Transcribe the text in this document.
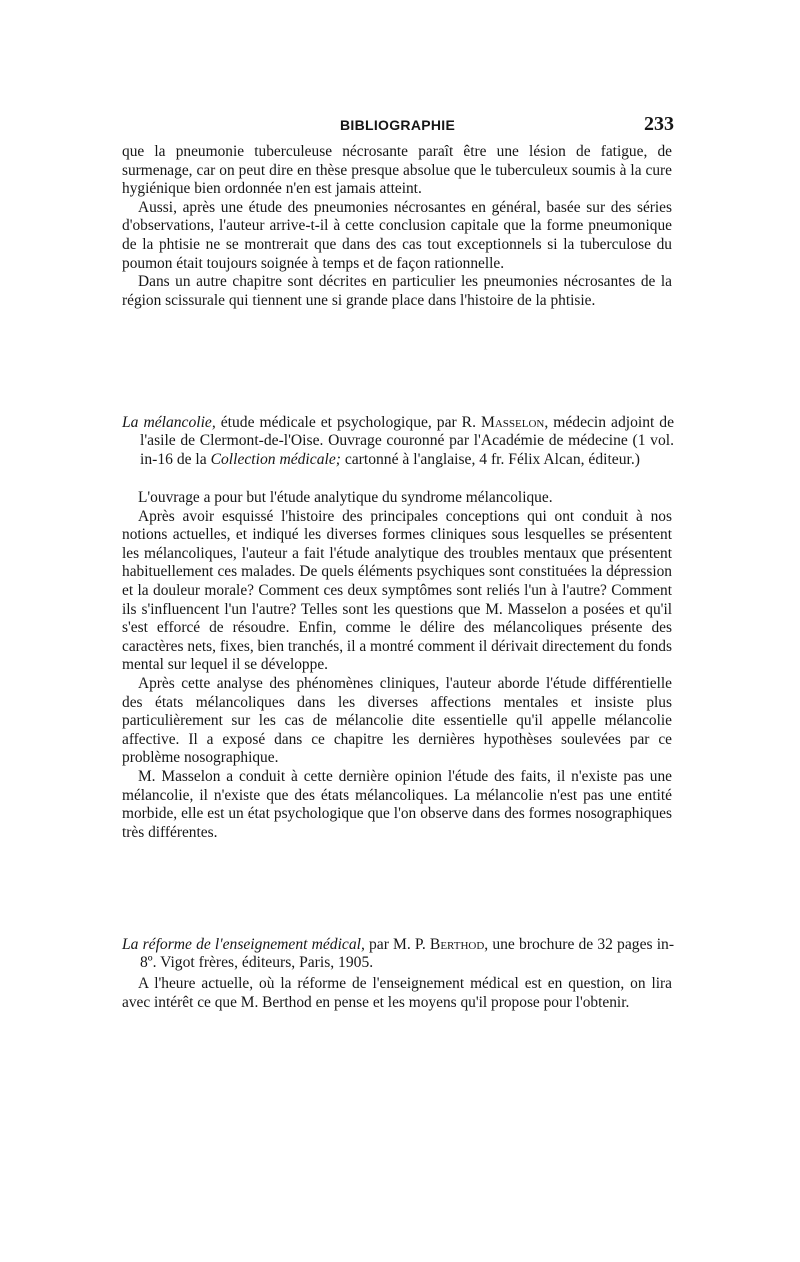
BIBLIOGRAPHIE	233

que la pneumonie tuberculeuse nécrosante paraît être une lésion de fatigue, de surmenage, car on peut dire en thèse presque absolue que le tuberculeux soumis à la cure hygiénique bien ordonnée n'en est jamais atteint.

Aussi, après une étude des pneumonies nécrosantes en général, basée sur des séries d'observations, l'auteur arrive-t-il à cette conclusion capitale que la forme pneumonique de la phtisie ne se montrerait que dans des cas tout exceptionnels si la tuberculose du poumon était toujours soignée à temps et de façon rationnelle.

Dans un autre chapitre sont décrites en particulier les pneumonies nécrosantes de la région scissurale qui tiennent une si grande place dans l'histoire de la phtisie.

La mélancolie, étude médicale et psychologique, par R. Masselon, médecin adjoint de l'asile de Clermont-de-l'Oise. Ouvrage couronné par l'Académie de médecine (1 vol. in-16 de la Collection médicale; cartonné à l'anglaise, 4 fr. Félix Alcan, éditeur.)

L'ouvrage a pour but l'étude analytique du syndrome mélancolique.

Après avoir esquissé l'histoire des principales conceptions qui ont conduit à nos notions actuelles, et indiqué les diverses formes cliniques sous lesquelles se présentent les mélancoliques, l'auteur a fait l'étude analytique des troubles mentaux que présentent habituellement ces malades. De quels éléments psychiques sont constituées la dépression et la douleur morale? Comment ces deux symptômes sont reliés l'un à l'autre? Comment ils s'influencent l'un l'autre? Telles sont les questions que M. Masselon a posées et qu'il s'est efforcé de résoudre. Enfin, comme le délire des mélancoliques présente des caractères nets, fixes, bien tranchés, il a montré comment il dérivait directement du fonds mental sur lequel il se développe.

Après cette analyse des phénomènes cliniques, l'auteur aborde l'étude différentielle des états mélancoliques dans les diverses affections mentales et insiste plus particulièrement sur les cas de mélancolie dite essentielle qu'il appelle mélancolie affective. Il a exposé dans ce chapitre les dernières hypothèses soulevées par ce problème nosographique.

M. Masselon a conduit à cette dernière opinion l'étude des faits, il n'existe pas une mélancolie, il n'existe que des états mélancoliques. La mélancolie n'est pas une entité morbide, elle est un état psychologique que l'on observe dans des formes nosographiques très différentes.

La réforme de l'enseignement médical, par M. P. Berthod, une brochure de 32 pages in-8º. Vigot frères, éditeurs, Paris, 1905.

A l'heure actuelle, où la réforme de l'enseignement médical est en question, on lira avec intérêt ce que M. Berthod en pense et les moyens qu'il propose pour l'obtenir.
